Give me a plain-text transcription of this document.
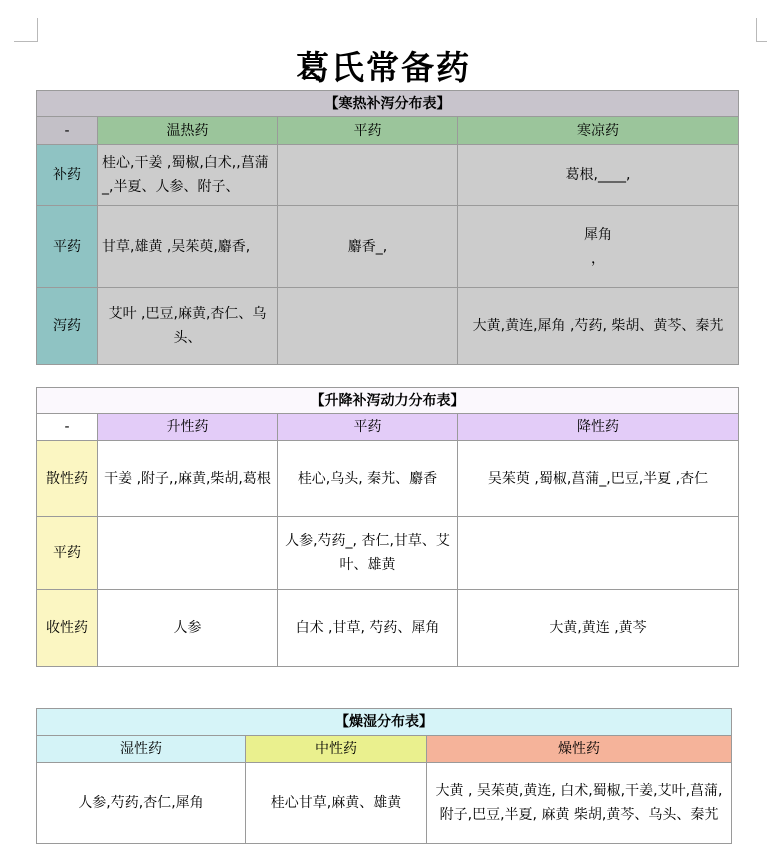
葛氏常备药
【寒热补泻分布表】			
-	温热药	平药	寒凉药
补药	桂心,干姜 ,蜀椒,白术,,菖蒲_,半夏、人参、附子、		葛根,____,
平药	甘草,雄黄 ,吴茱萸,麝香,	麝香_,	犀角
，
泻药	艾叶 ,巴豆,麻黄,杏仁、乌头、		大黄,黄连,犀角 ,芍药, 柴胡、黄芩、秦艽
【升降补泻动力分布表】			
-	升性药	平药	降性药
散性药	干姜 ,附子,,麻黄,柴胡,葛根	桂心,乌头, 秦艽、麝香	吴茱萸 ,蜀椒,菖蒲_,巴豆,半夏 ,杏仁
平药		人参,芍药_, 杏仁,甘草、艾叶、雄黄	
收性药	人参	白术 ,甘草, 芍药、犀角	大黄,黄连 ,黄芩
【燥湿分布表】		
湿性药	中性药	燥性药
人参,芍药,杏仁,犀角	桂心甘草,麻黄、雄黄	大黄 , 吴茱萸,黄连, 白术,蜀椒,干姜,艾叶,菖蒲,附子,巴豆,半夏, 麻黄 柴胡,黄芩、乌头、秦艽
